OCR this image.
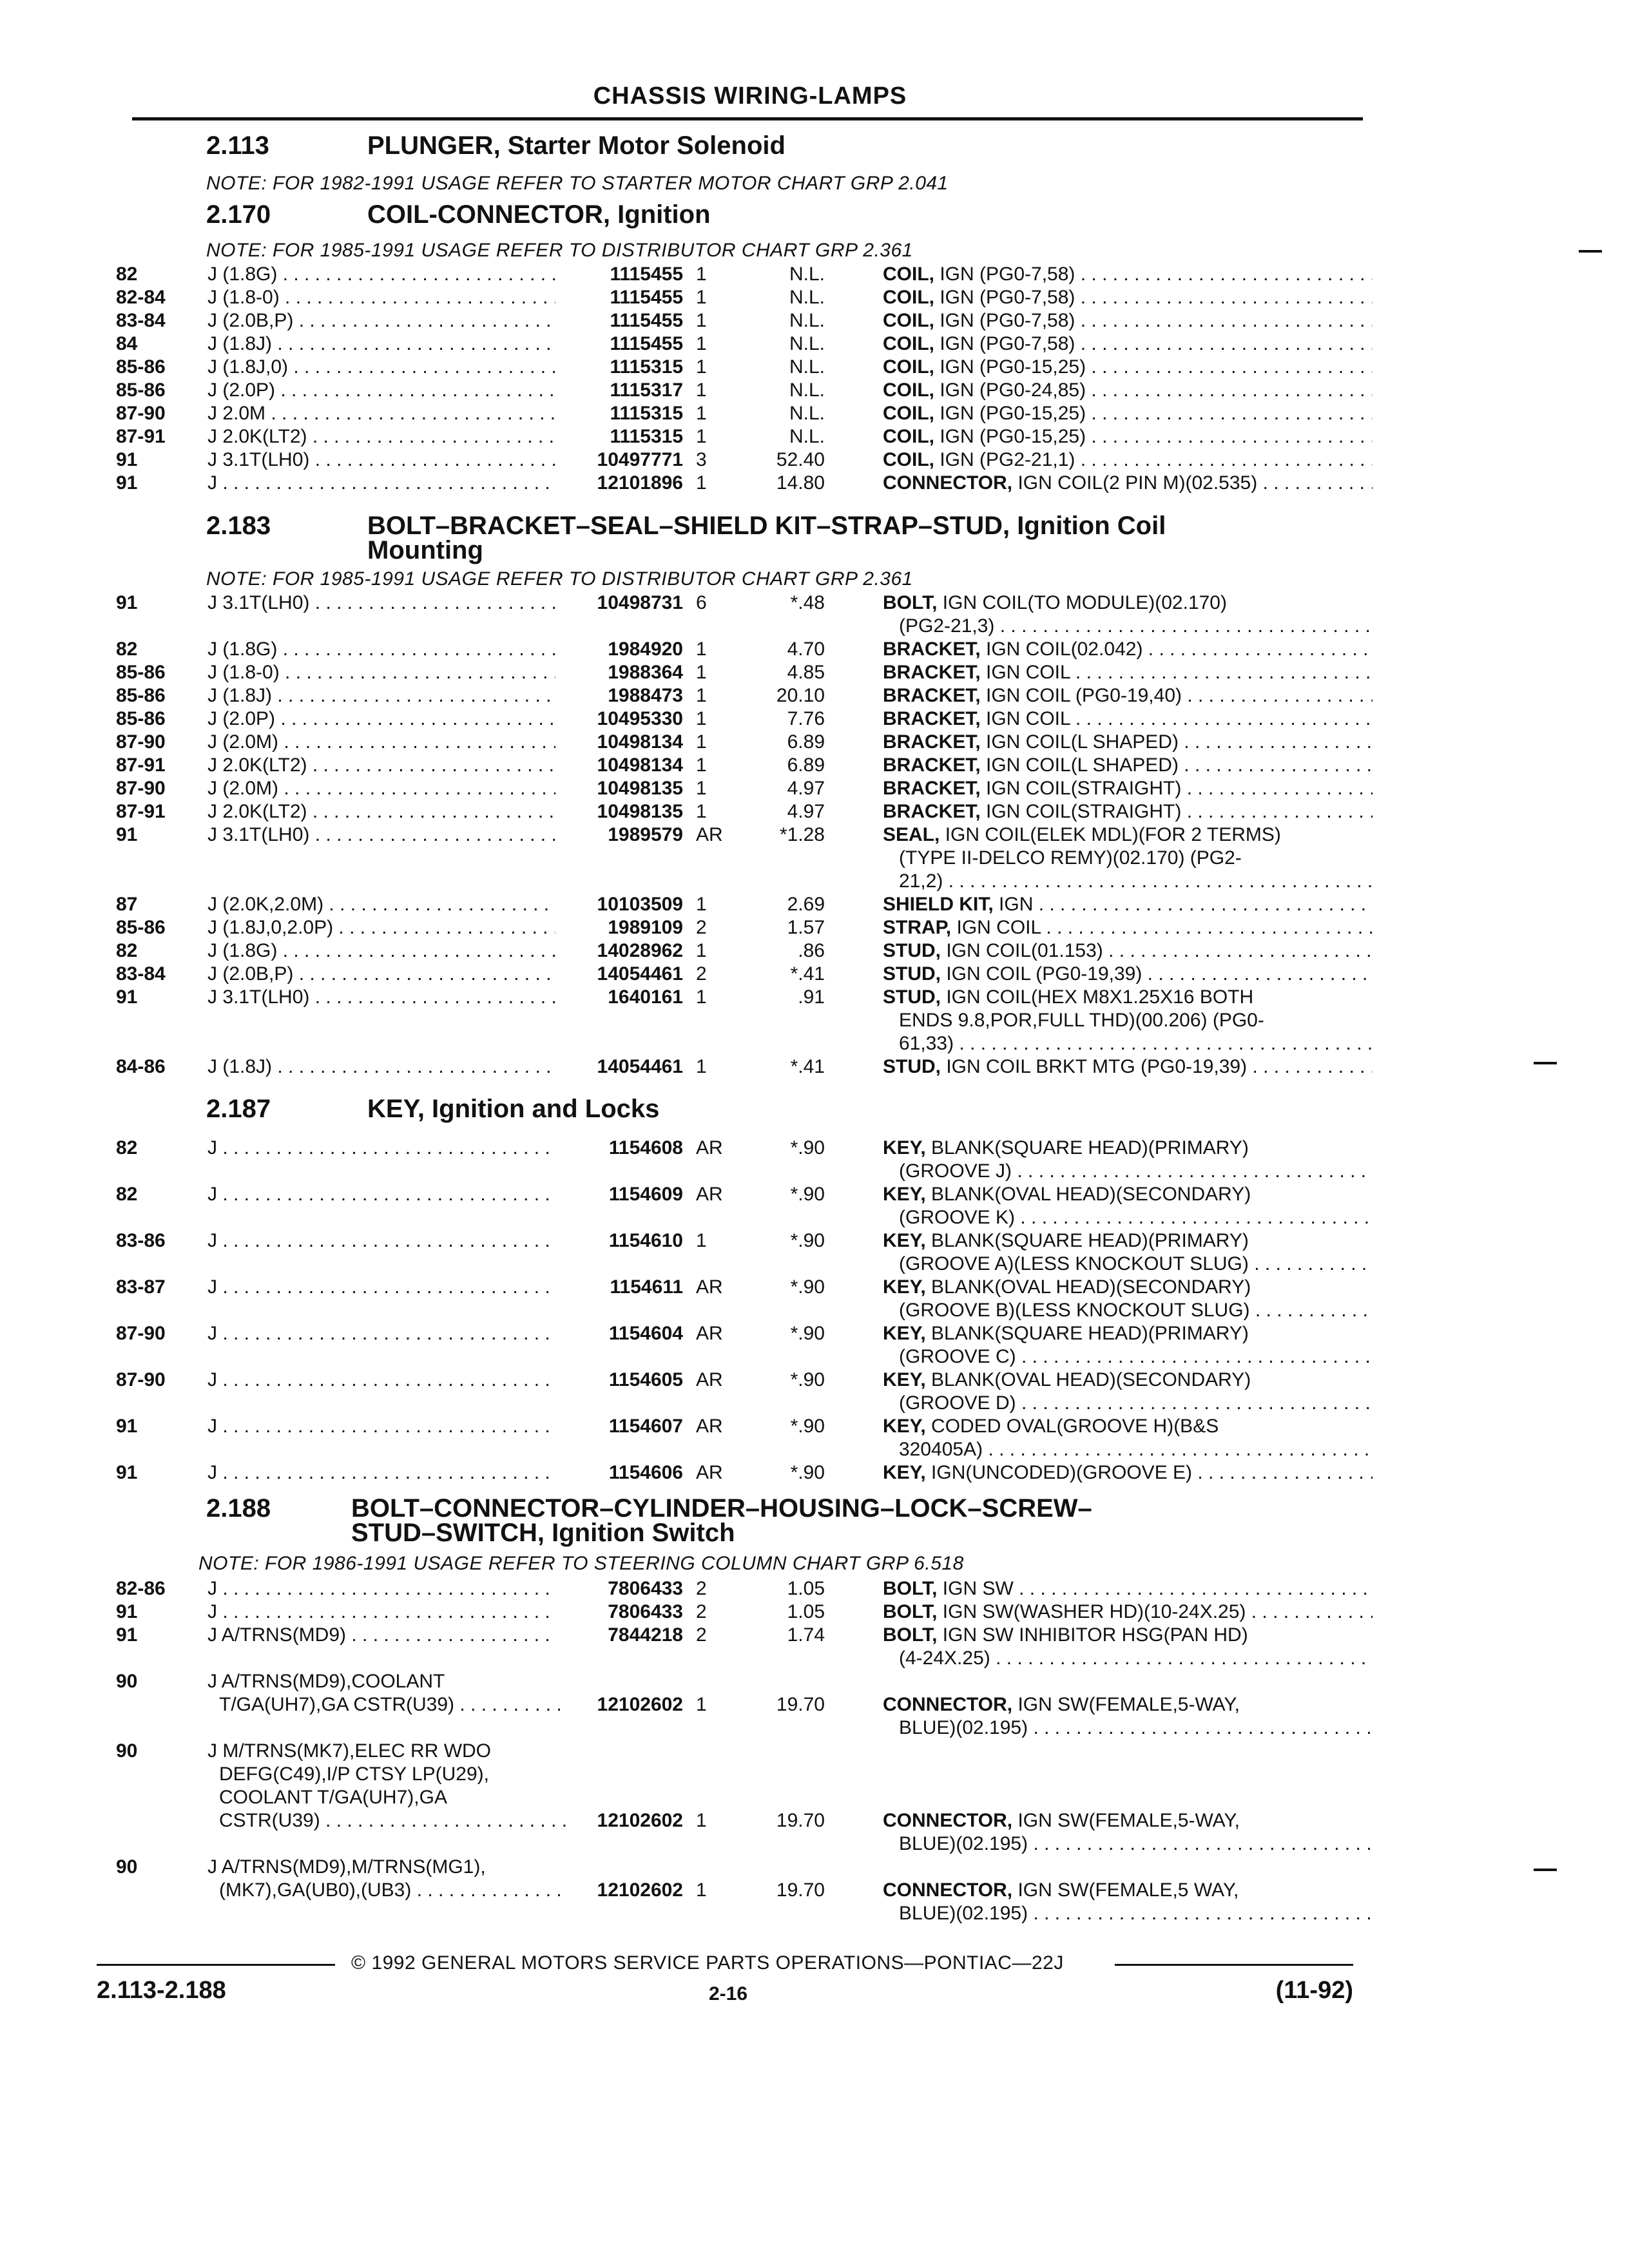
CHASSIS WIRING-LAMPS
2.113	PLUNGER, Starter Motor Solenoid
NOTE: FOR 1982-1991 USAGE REFER TO STARTER MOTOR CHART GRP 2.041
2.170	COIL-CONNECTOR, Ignition
NOTE: FOR 1985-1991 USAGE REFER TO DISTRIBUTOR CHART GRP 2.361
82	J (1.8G) . . .	1115455 1	N.L.	COIL, IGN (PG0-7,58) . . .
82-84 J (1.8-0) . . .	1115455 1	N.L.	COIL, IGN (PG0-7,58) . . .
83-84 J (2.0B,P) . . .	1115455 1	N.L.	COIL, IGN (PG0-7,58) . . .
84	J (1.8J) . . .	1115455 1	N.L.	COIL, IGN (PG0-7,58) . . .
85-86 J (1.8J,0) . . .	1115315 1	N.L.	COIL, IGN (PG0-15,25) . . .
85-86 J (2.0P) . . .	1115317 1	N.L.	COIL, IGN (PG0-24,85) . . .
87-90 J 2.0M . . .	1115315 1	N.L.	COIL, IGN (PG0-15,25) . . .
87-91 J 2.0K(LT2) . . .	1115315 1	N.L.	COIL, IGN (PG0-15,25) . . .
91	J 3.1T(LH0) . . .	10497771 3	52.40	COIL, IGN (PG2-21,1) . . .
91	J . . .	12101896 1	14.80	CONNECTOR, IGN COIL(2 PIN M)(02.535) . . .
2.183	BOLT–BRACKET–SEAL–SHIELD KIT–STRAP–STUD, Ignition Coil
Mounting
NOTE: FOR 1985-1991 USAGE REFER TO DISTRIBUTOR CHART GRP 2.361
91	J 3.1T(LH0) . . .	10498731 6	*.48	BOLT, IGN COIL(TO MODULE)(02.170)
(PG2-21,3) . . .
82	J (1.8G) . . .	1984920 1	4.70	BRACKET, IGN COIL(02.042) . . .
85-86 J (1.8-0) . . .	1988364 1	4.85	BRACKET, IGN COIL . . .
85-86 J (1.8J) . . .	1988473 1	20.10	BRACKET, IGN COIL (PG0-19,40) . . .
85-86 J (2.0P) . . .	10495330 1	7.76	BRACKET, IGN COIL . . .
87-90 J (2.0M) . . .	10498134 1	6.89	BRACKET, IGN COIL(L SHAPED) . . .
87-91 J 2.0K(LT2) . . .	10498134 1	6.89	BRACKET, IGN COIL(L SHAPED) . . .
87-90 J (2.0M) . . .	10498135 1	4.97	BRACKET, IGN COIL(STRAIGHT) . . .
87-91 J 2.0K(LT2) . . .	10498135 1	4.97	BRACKET, IGN COIL(STRAIGHT) . . .
91	J 3.1T(LH0) . . .	1989579 AR	*1.28	SEAL, IGN COIL(ELEK MDL)(FOR 2 TERMS)
(TYPE II-DELCO REMY)(02.170) (PG2-
21,2) . . .
87	J (2.0K,2.0M) . . .	10103509 1	2.69	SHIELD KIT, IGN . . .
85-86 J (1.8J,0,2.0P) . . .	1989109 2	1.57	STRAP, IGN COIL . . .
82	J (1.8G) . . .	14028962 1	.86	STUD, IGN COIL(01.153) . . .
83-84 J (2.0B,P) . . .	14054461 2	*.41	STUD, IGN COIL (PG0-19,39) . . .
91	J 3.1T(LH0) . . .	1640161 1	.91	STUD, IGN COIL(HEX M8X1.25X16 BOTH
ENDS 9.8,POR,FULL THD)(00.206) (PG0-
61,33) . . .
84-86 J (1.8J) . . .	14054461 1	*.41	STUD, IGN COIL BRKT MTG (PG0-19,39) . . .
2.187	KEY, Ignition and Locks
82	J . . .	1154608 AR	*.90	KEY, BLANK(SQUARE HEAD)(PRIMARY)
(GROOVE J) . . .
82	J . . .	1154609 AR	*.90	KEY, BLANK(OVAL HEAD)(SECONDARY)
(GROOVE K) . . .
83-86 J . . .	1154610 1	*.90	KEY, BLANK(SQUARE HEAD)(PRIMARY)
(GROOVE A)(LESS KNOCKOUT SLUG) . . .
83-87 J . . .	1154611 AR	*.90	KEY, BLANK(OVAL HEAD)(SECONDARY)
(GROOVE B)(LESS KNOCKOUT SLUG) . . .
87-90 J . . .	1154604 AR	*.90	KEY, BLANK(SQUARE HEAD)(PRIMARY)
(GROOVE C) . . .
87-90 J . . .	1154605 AR	*.90	KEY, BLANK(OVAL HEAD)(SECONDARY)
(GROOVE D) . . .
91	J . . .	1154607 AR	*.90	KEY, CODED OVAL(GROOVE H)(B&S
320405A) . . .
91	J . . .	1154606 AR	*.90	KEY, IGN(UNCODED)(GROOVE E) . . .
2.188	BOLT–CONNECTOR–CYLINDER–HOUSING–LOCK–SCREW–
STUD–SWITCH, Ignition Switch
NOTE: FOR 1986-1991 USAGE REFER TO STEERING COLUMN CHART GRP 6.518
82-86 J . . .	7806433 2	1.05	BOLT, IGN SW . . .
91	J . . .	7806433 2	1.05	BOLT, IGN SW(WASHER HD)(10-24X.25) . . .
91	J A/TRNS(MD9) . . .	7844218 2	1.74	BOLT, IGN SW INHIBITOR HSG(PAN HD)
(4-24X.25) . . .
90	J A/TRNS(MD9),COOLANT
T/GA(UH7),GA CSTR(U39) . . .	12102602 1	19.70	CONNECTOR, IGN SW(FEMALE,5-WAY,
BLUE)(02.195) . . .
90	J M/TRNS(MK7),ELEC RR WDO
DEFG(C49),I/P CTSY LP(U29),
COOLANT T/GA(UH7),GA
CSTR(U39) . . .	12102602 1	19.70	CONNECTOR, IGN SW(FEMALE,5-WAY,
BLUE)(02.195) . . .
90	J A/TRNS(MD9),M/TRNS(MG1),
(MK7),GA(UB0),(UB3) . . .	12102602 1	19.70	CONNECTOR, IGN SW(FEMALE,5 WAY,
BLUE)(02.195) . . .
© 1992 GENERAL MOTORS SERVICE PARTS OPERATIONS—PONTIAC—22J
2.113-2.188	2-16	(11-92)
